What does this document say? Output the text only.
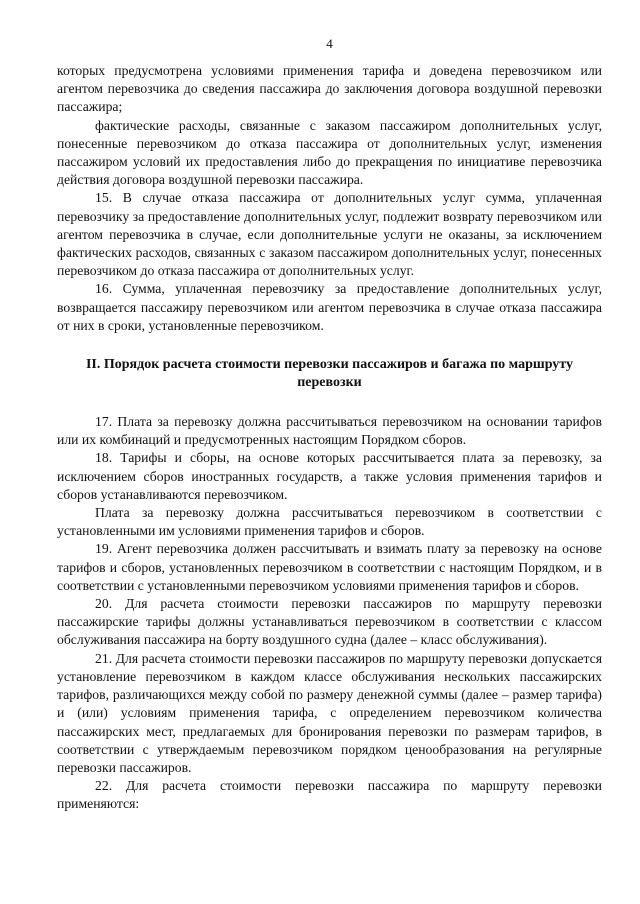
4

которых предусмотрена условиями применения тарифа и доведена перевозчиком или агентом перевозчика до сведения пассажира до заключения договора воздушной перевозки пассажира;

фактические расходы, связанные с заказом пассажиром дополнительных услуг, понесенные перевозчиком до отказа пассажира от дополнительных услуг, изменения пассажиром условий их предоставления либо до прекращения по инициативе перевозчика действия договора воздушной перевозки пассажира.

15. В случае отказа пассажира от дополнительных услуг сумма, уплаченная перевозчику за предоставление дополнительных услуг, подлежит возврату перевозчиком или агентом перевозчика в случае, если дополнительные услуги не оказаны, за исключением фактических расходов, связанных с заказом пассажиром дополнительных услуг, понесенных перевозчиком до отказа пассажира от дополнительных услуг.

16. Сумма, уплаченная перевозчику за предоставление дополнительных услуг, возвращается пассажиру перевозчиком или агентом перевозчика в случае отказа пассажира от них в сроки, установленные перевозчиком.

II. Порядок расчета стоимости перевозки пассажиров и багажа по маршруту перевозки

17. Плата за перевозку должна рассчитываться перевозчиком на основании тарифов или их комбинаций и предусмотренных настоящим Порядком сборов.

18. Тарифы и сборы, на основе которых рассчитывается плата за перевозку, за исключением сборов иностранных государств, а также условия применения тарифов и сборов устанавливаются перевозчиком.

Плата за перевозку должна рассчитываться перевозчиком в соответствии с установленными им условиями применения тарифов и сборов.

19. Агент перевозчика должен рассчитывать и взимать плату за перевозку на основе тарифов и сборов, установленных перевозчиком в соответствии с настоящим Порядком, и в соответствии с установленными перевозчиком условиями применения тарифов и сборов.

20. Для расчета стоимости перевозки пассажиров по маршруту перевозки пассажирские тарифы должны устанавливаться перевозчиком в соответствии с классом обслуживания пассажира на борту воздушного судна (далее – класс обслуживания).

21. Для расчета стоимости перевозки пассажиров по маршруту перевозки допускается установление перевозчиком в каждом классе обслуживания нескольких пассажирских тарифов, различающихся между собой по размеру денежной суммы (далее – размер тарифа) и (или) условиям применения тарифа, с определением перевозчиком количества пассажирских мест, предлагаемых для бронирования перевозки по размерам тарифов, в соответствии с утверждаемым перевозчиком порядком ценообразования на регулярные перевозки пассажиров.

22. Для расчета стоимости перевозки пассажира по маршруту перевозки применяются:
